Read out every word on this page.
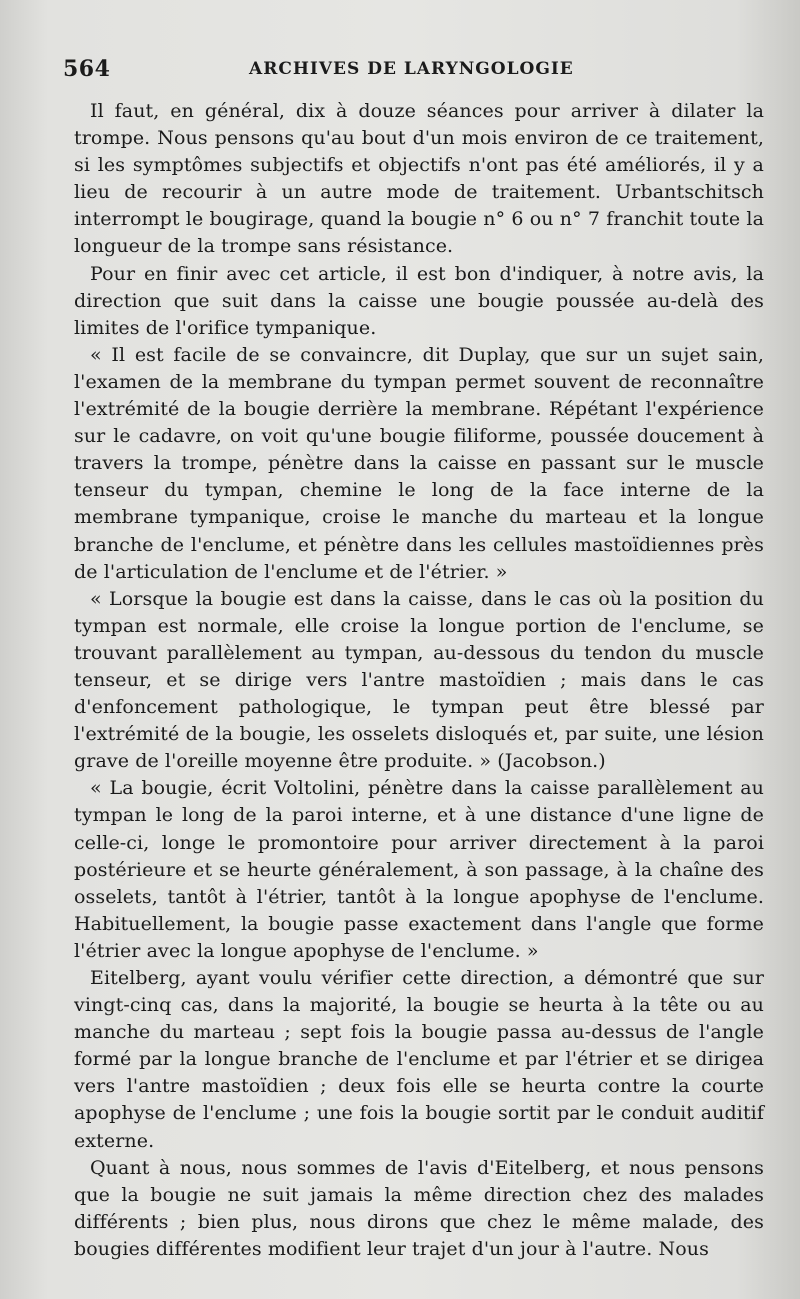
564	ARCHIVES DE LARYNGOLOGIE

Il faut, en général, dix à douze séances pour arriver à dilater la trompe. Nous pensons qu'au bout d'un mois environ de ce traitement, si les symptômes subjectifs et objectifs n'ont pas été améliorés, il y a lieu de recourir à un autre mode de traitement. Urbantschitsch interrompt le bougirage, quand la bougie n° 6 ou n° 7 franchit toute la longueur de la trompe sans résistance.

Pour en finir avec cet article, il est bon d'indiquer, à notre avis, la direction que suit dans la caisse une bougie poussée au-delà des limites de l'orifice tympanique.

« Il est facile de se convaincre, dit Duplay, que sur un sujet sain, l'examen de la membrane du tympan permet souvent de reconnaître l'extrémité de la bougie derrière la membrane. Répétant l'expérience sur le cadavre, on voit qu'une bougie filiforme, poussée doucement à travers la trompe, pénètre dans la caisse en passant sur le muscle tenseur du tympan, chemine le long de la face interne de la membrane tympanique, croise le manche du marteau et la longue branche de l'enclume, et pénètre dans les cellules mastoïdiennes près de l'articulation de l'enclume et de l'étrier. »

« Lorsque la bougie est dans la caisse, dans le cas où la position du tympan est normale, elle croise la longue portion de l'enclume, se trouvant parallèlement au tympan, au-dessous du tendon du muscle tenseur, et se dirige vers l'antre mastoïdien ; mais dans le cas d'enfoncement pathologique, le tympan peut être blessé par l'extrémité de la bougie, les osselets disloqués et, par suite, une lésion grave de l'oreille moyenne être produite. » (Jacobson.)

« La bougie, écrit Voltolini, pénètre dans la caisse parallèlement au tympan le long de la paroi interne, et à une distance d'une ligne de celle-ci, longe le promontoire pour arriver directement à la paroi postérieure et se heurte généralement, à son passage, à la chaîne des osselets, tantôt à l'étrier, tantôt à la longue apophyse de l'enclume. Habituellement, la bougie passe exactement dans l'angle que forme l'étrier avec la longue apophyse de l'enclume. »

Eitelberg, ayant voulu vérifier cette direction, a démontré que sur vingt-cinq cas, dans la majorité, la bougie se heurta à la tête ou au manche du marteau ; sept fois la bougie passa au-dessus de l'angle formé par la longue branche de l'enclume et par l'étrier et se dirigea vers l'antre mastoïdien ; deux fois elle se heurta contre la courte apophyse de l'enclume ; une fois la bougie sortit par le conduit auditif externe.

Quant à nous, nous sommes de l'avis d'Eitelberg, et nous pensons que la bougie ne suit jamais la même direction chez des malades différents ; bien plus, nous dirons que chez le même malade, des bougies différentes modifient leur trajet d'un jour à l'autre. Nous
